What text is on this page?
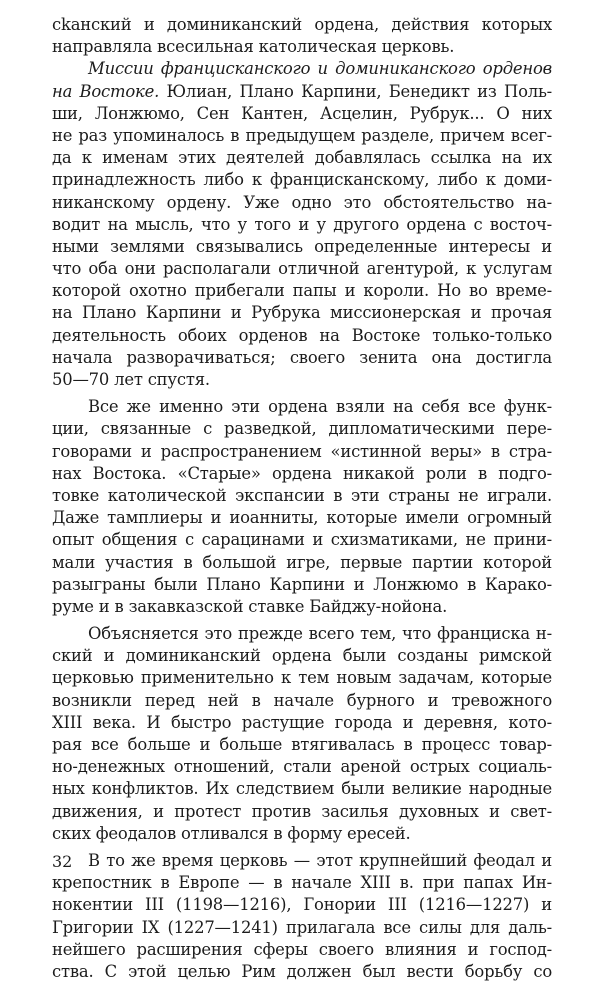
ckaнский и доминиканский ордена, действия которых
направляла всесильная католическая церковь.
Миссии францисканского и доминиканского орденов
на Востоке. Юлиан, Плано Карпини, Бенедикт из Поль-
ши, Лонжюмо, Сен Кантен, Асцелин, Рубрук... О них
не раз упоминалось в предыдущем разделе, причем всег-
да к именам этих деятелей добавлялась ссылка на их
принадлежность либо к францисканскому, либо к доми-
никанскому ордену. Уже одно это обстоятельство на-
водит на мысль, что у того и у другого ордена с восточ-
ными землями связывались определенные интересы и
что оба они располагали отличной агентурой, к услугам
которой охотно прибегали папы и короли. Но во време-
на Плано Карпини и Рубрука миссионерская и прочая
деятельность обоих орденов на Востоке только-только
начала разворачиваться; своего зенита она достигла
50—70 лет спустя.
Все же именно эти ордена взяли на себя все функ-
ции, связанные с разведкой, дипломатическими пере-
говорами и распространением «истинной веры» в стра-
нах Востока. «Старые» ордена никакой роли в подго-
товке католической экспансии в эти страны не играли.
Даже тамплиеры и иоанниты, которые имели огромный
опыт общения с сарацинами и схизматиками, не прини-
мали участия в большой игре, первые партии которой
разыграны были Плано Карпини и Лонжюмо в Каракo-
руме и в закавказской ставке Байджу-нойона.
Объясняется это прежде всего тем, что франциска н-
ский и доминиканский ордена были созданы римской
церковью применительно к тем новым задачам, которые
возникли перед ней в начале бурного и тревожного
XIII века. И быстро растущие города и деревня, кото-
рая все больше и больше втягивалась в процесс товар-
но-денежных отношений, стали ареной острых социаль-
ных конфликтов. Их следствием были великие народные
движения, и протест против засилья духовных и свет-
ских феодалов отливался в форму ересей.
В то же время церковь — этот крупнейший феодал и
крепостник в Европе — в начале XIII в. при папах Ин-
нокентии III (1198—1216), Гонории III (1216—1227) и
Григории IX (1227—1241) прилагала все силы для даль-
нейшего расширения сферы своего влияния и господ-
ства. С этой целью Рим должен был вести борьбу со
32
